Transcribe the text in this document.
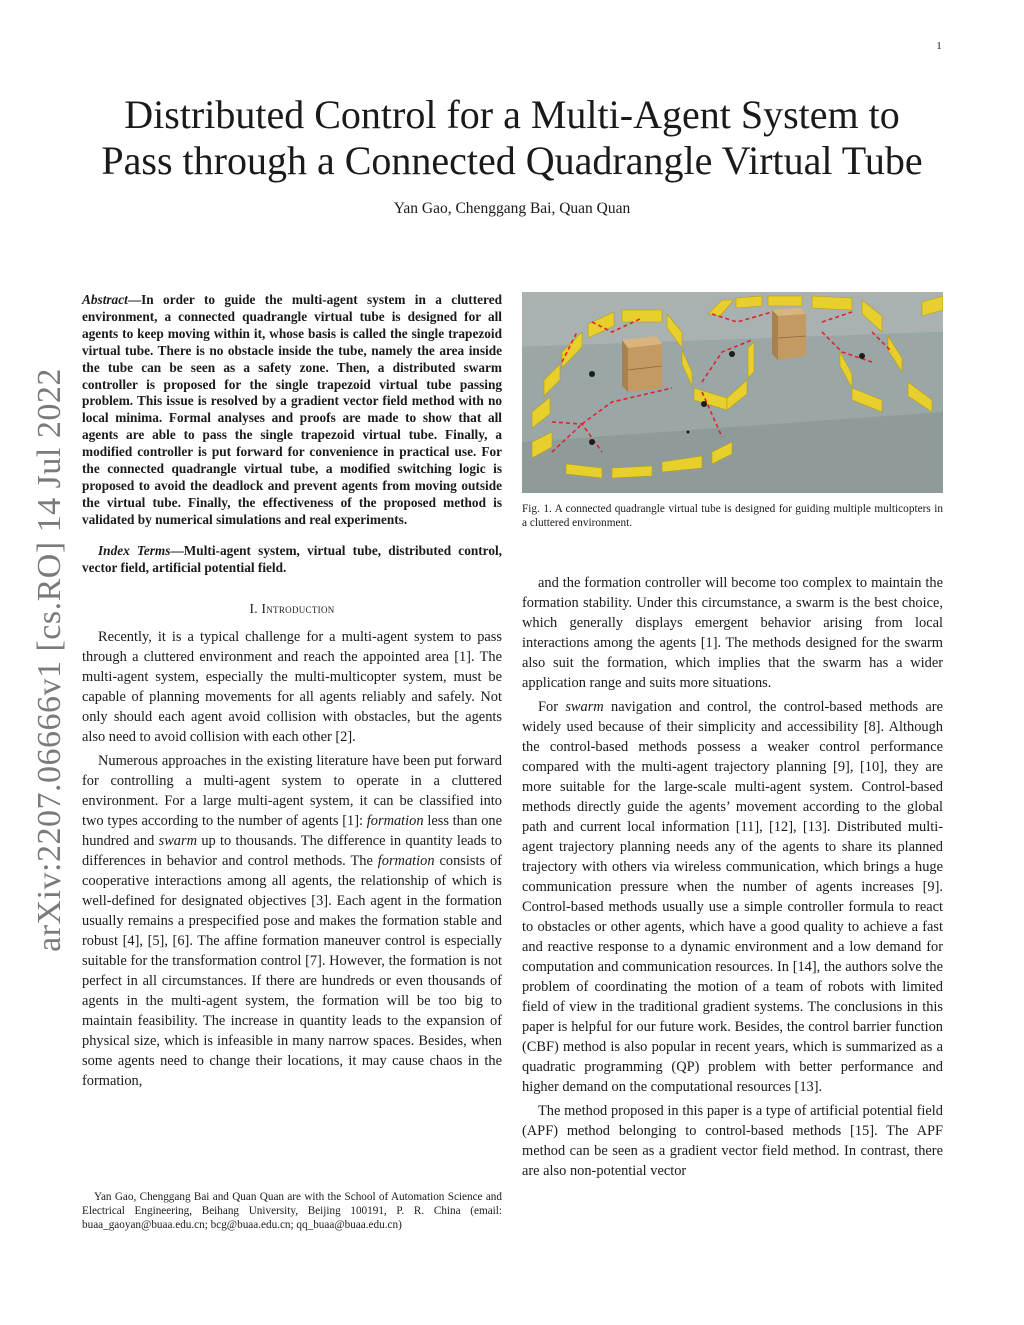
1
arXiv:2207.06666v1 [cs.RO] 14 Jul 2022
Distributed Control for a Multi-Agent System to
Pass through a Connected Quadrangle Virtual Tube
Yan Gao, Chenggang Bai, Quan Quan

Abstract—In order to guide the multi-agent system in a cluttered environment, a connected quadrangle virtual tube is designed for all agents to keep moving within it, whose basis is called the single trapezoid virtual tube. There is no obstacle inside the tube, namely the area inside the tube can be seen as a safety zone. Then, a distributed swarm controller is proposed for the single trapezoid virtual tube passing problem. This issue is resolved by a gradient vector field method with no local minima. Formal analyses and proofs are made to show that all agents are able to pass the single trapezoid virtual tube. Finally, a modified controller is put forward for convenience in practical use. For the connected quadrangle virtual tube, a modified switching logic is proposed to avoid the deadlock and prevent agents from moving outside the virtual tube. Finally, the effectiveness of the proposed method is validated by numerical simulations and real experiments.

Index Terms—Multi-agent system, virtual tube, distributed control, vector field, artificial potential field.

I. Introduction

Recently, it is a typical challenge for a multi-agent system to pass through a cluttered environment and reach the appointed area [1]. The multi-agent system, especially the multi-multicopter system, must be capable of planning movements for all agents reliably and safely. Not only should each agent avoid collision with obstacles, but the agents also need to avoid collision with each other [2].

Numerous approaches in the existing literature have been put forward for controlling a multi-agent system to operate in a cluttered environment. For a large multi-agent system, it can be classified into two types according to the number of agents [1]: formation less than one hundred and swarm up to thousands. The difference in quantity leads to differences in behavior and control methods. The formation consists of cooperative interactions among all agents, the relationship of which is well-defined for designated objectives [3]. Each agent in the formation usually remains a prespecified pose and makes the formation stable and robust [4], [5], [6]. The affine formation maneuver control is especially suitable for the transformation control [7]. However, the formation is not perfect in all circumstances. If there are hundreds or even thousands of agents in the multi-agent system, the formation will be too big to maintain feasibility. The increase in quantity leads to the expansion of physical size, which is infeasible in many narrow spaces. Besides, when some agents need to change their locations, it may cause chaos in the formation,

Yan Gao, Chenggang Bai and Quan Quan are with the School of Automation Science and Electrical Engineering, Beihang University, Beijing 100191, P. R. China (email: buaa_gaoyan@buaa.edu.cn; bcg@buaa.edu.cn; qq_buaa@buaa.edu.cn)

Fig. 1. A connected quadrangle virtual tube is designed for guiding multiple multicopters in a cluttered environment.

and the formation controller will become too complex to maintain the formation stability. Under this circumstance, a swarm is the best choice, which generally displays emergent behavior arising from local interactions among the agents [1]. The methods designed for the swarm also suit the formation, which implies that the swarm has a wider application range and suits more situations.

For swarm navigation and control, the control-based methods are widely used because of their simplicity and accessibility [8]. Although the control-based methods possess a weaker control performance compared with the multi-agent trajectory planning [9], [10], they are more suitable for the large-scale multi-agent system. Control-based methods directly guide the agents’ movement according to the global path and current local information [11], [12], [13]. Distributed multi-agent trajectory planning needs any of the agents to share its planned trajectory with others via wireless communication, which brings a huge communication pressure when the number of agents increases [9]. Control-based methods usually use a simple controller formula to react to obstacles or other agents, which have a good quality to achieve a fast and reactive response to a dynamic environment and a low demand for computation and communication resources. In [14], the authors solve the problem of coordinating the motion of a team of robots with limited field of view in the traditional gradient systems. The conclusions in this paper is helpful for our future work. Besides, the control barrier function (CBF) method is also popular in recent years, which is summarized as a quadratic programming (QP) problem with better performance and higher demand on the computational resources [13].

The method proposed in this paper is a type of artificial potential field (APF) method belonging to control-based methods [15]. The APF method can be seen as a gradient vector field method. In contrast, there are also non-potential vector
